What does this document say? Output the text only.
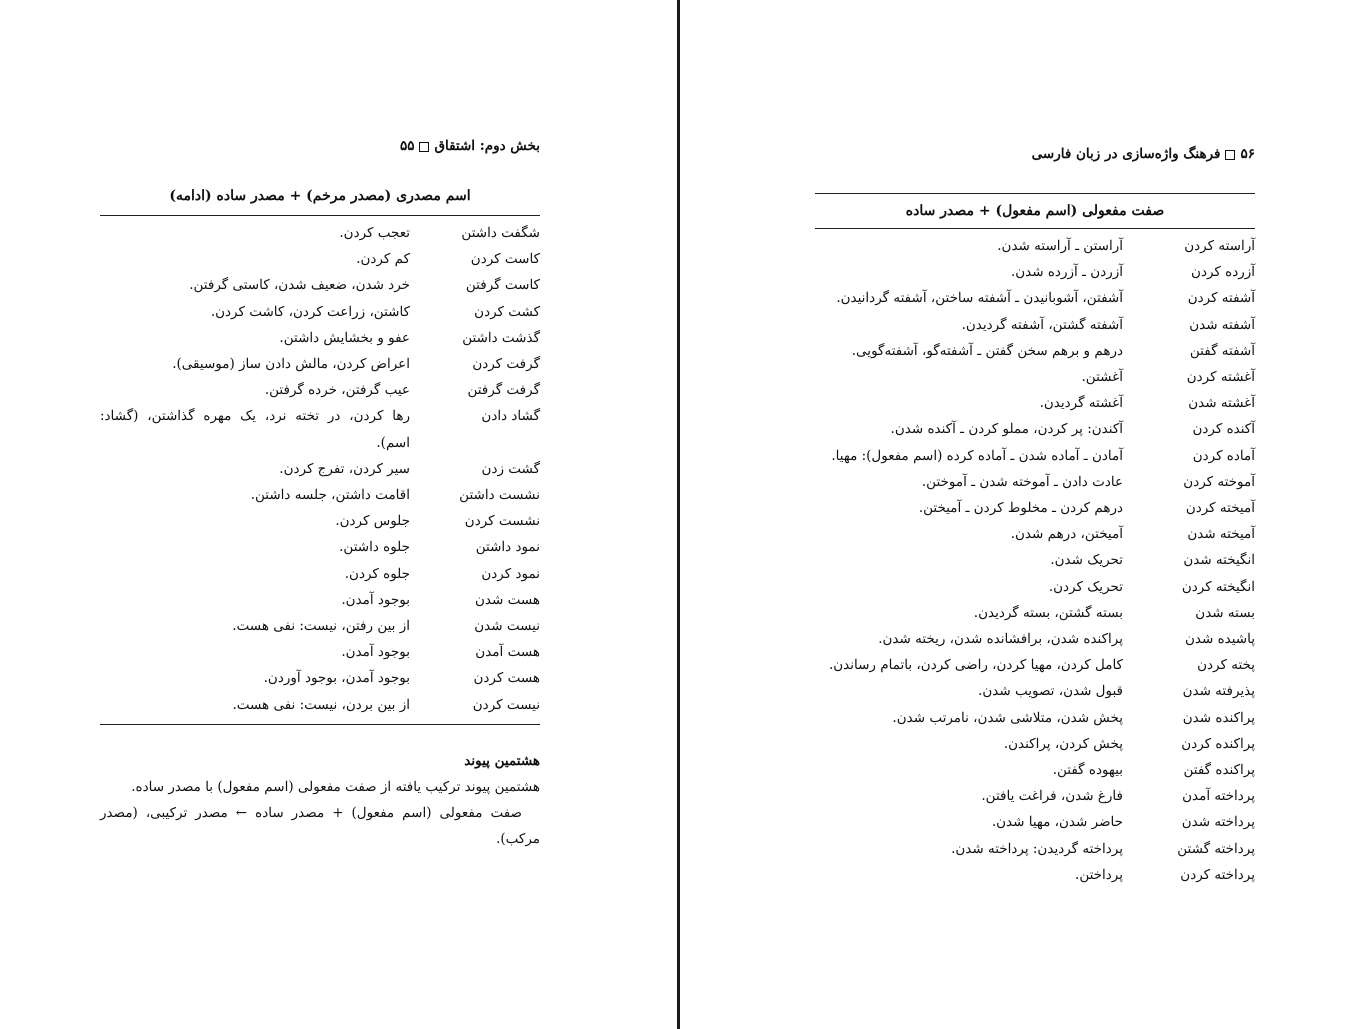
بخش دوم: اشتقاق۵۵
اسم مصدری (مصدر مرخم) + مصدر ساده (ادامه)
شگفت داشتن
تعجب کردن.
کاست کردن
کم کردن.
کاست گرفتن
خرد شدن، ضعیف شدن، کاستی گرفتن.
کشت کردن
کاشتن، زراعت کردن، کاشت کردن.
گذشت داشتن
عفو و بخشایش داشتن.
گرفت کردن
اعراض کردن، مالش دادن ساز (موسیقی).
گرفت گرفتن
عیب گرفتن، خرده گرفتن.
گشاد دادن
رها کردن، در تخته نرد، یک مهره گذاشتن، (گشاد: اسم).
گشت زدن
سیر کردن، تفرج کردن.
نشست داشتن
اقامت داشتن، جلسه داشتن.
نشست کردن
جلوس کردن.
نمود داشتن
جلوه داشتن.
نمود کردن
جلوه کردن.
هست شدن
بوجود آمدن.
نیست شدن
از بین رفتن، نیست: نفی هست.
هست آمدن
بوجود آمدن.
هست کردن
بوجود آمدن، بوجود آوردن.
نیست کردن
از بین بردن، نیست: نفی هست.
هشتمین پیوند

هشتمین پیوند ترکیب یافته از صفت مفعولی (اسم مفعول) با مصدر ساده.

صفت مفعولی (اسم مفعول) + مصدر ساده ← مصدر ترکیبی، (مصدر مرکب).

۵۶فرهنگ واژه‌سازی در زبان فارسی
صفت مفعولی (اسم مفعول) + مصدر ساده
آراسته کردن
آراستن ـ آراسته شدن.
آزرده کردن
آزردن ـ آزرده شدن.
آشفته کردن
آشفتن، آشوبانیدن ـ آشفته ساختن، آشفته گردانیدن.
آشفته شدن
آشفته گشتن، آشفته گردیدن.
آشفته گفتن
درهم و برهم سخن گفتن ـ آشفته‌گو، آشفته‌گویی.
آغشته کردن
آغشتن.
آغشته شدن
آغشته گردیدن.
آکنده کردن
آکندن: پر کردن، مملو کردن ـ آکنده شدن.
آماده کردن
آمادن ـ آماده شدن ـ آماده کرده (اسم مفعول): مهیا.
آموخته کردن
عادت دادن ـ آموخته شدن ـ آموختن.
آمیخته کردن
درهم کردن ـ مخلوط کردن ـ آمیختن.
آمیخته شدن
آمیختن، درهم شدن.
انگیخته شدن
تحریک شدن.
انگیخته کردن
تحریک کردن.
بسته شدن
بسته گشتن، بسته گردیدن.
پاشیده شدن
پراکنده شدن، برافشانده شدن، ریخته شدن.
پخته کردن
کامل کردن، مهیا کردن، راضی کردن، باتمام رساندن.
پذیرفته شدن
قبول شدن، تصویب شدن.
پراکنده شدن
پخش شدن، متلاشی شدن، نامرتب شدن.
پراکنده کردن
پخش کردن، پراکندن.
پراکنده گفتن
بیهوده گفتن.
پرداخته آمدن
فارغ شدن، فراغت یافتن.
پرداخته شدن
حاضر شدن، مهیا شدن.
پرداخته گشتن
پرداخته گردیدن: پرداخته شدن.
پرداخته کردن
پرداختن.
